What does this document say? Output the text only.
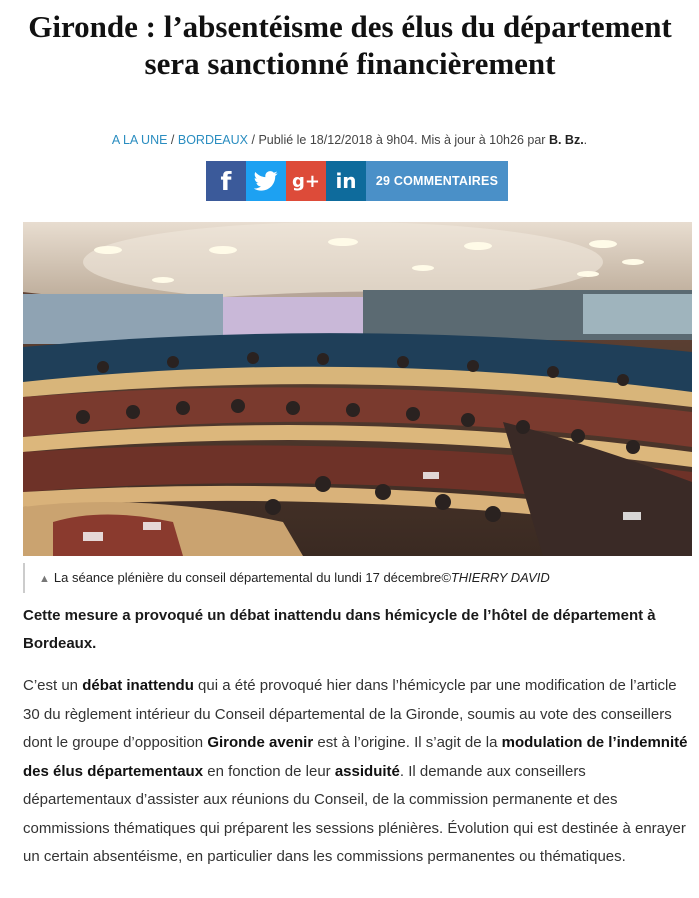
Gironde : l’absentéisme des élus du département sera sanctionné financièrement
A LA UNE / BORDEAUX / Publié le 18/12/2018 à 9h04. Mis à jour à 10h26 par B. Bz..
f	g+ in 29 COMMENTAIRES
▲ La séance plénière du conseil départemental du lundi 17 décembre©THIERRY DAVID

Cette mesure a provoqué un débat inattendu dans hémicycle de l’hôtel de département à Bordeaux.

C’est un débat inattendu qui a été provoqué hier dans l’hémicycle par une modification de l’article 30 du règlement intérieur du Conseil départemental de la Gironde, soumis au vote des conseillers dont le groupe d’opposition Gironde avenir est à l’origine. Il s’agit de la modulation de l’indemnité des élus départementaux en fonction de leur assiduité. Il demande aux conseillers départementaux d’assister aux réunions du Conseil, de la commission permanente et des commissions thématiques qui préparent les sessions plénières. Évolution qui est destinée à enrayer un certain absentéisme, en particulier dans les commissions permanentes ou thématiques.
